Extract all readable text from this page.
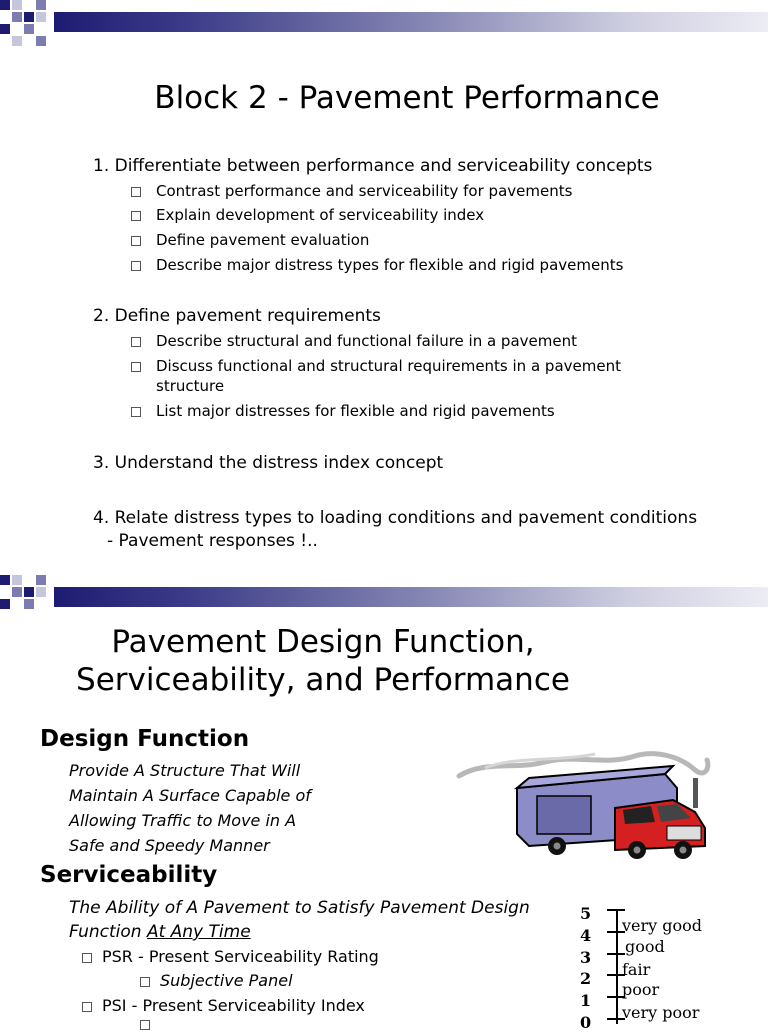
Block 2 - Pavement Performance
1. Differentiate between performance and serviceability concepts
Contrast performance and serviceability for pavements
Explain development of serviceability index
Define pavement evaluation
Describe major distress types for flexible and rigid pavements
2. Define pavement requirements
Describe structural and functional failure in a pavement
Discuss functional and structural requirements in a pavement
structure
List major distresses for flexible and rigid pavements
3. Understand the distress index concept
4. Relate distress types to loading conditions and pavement conditions
- Pavement responses !..
Pavement Design Function,
Serviceability, and Performance
Design Function
Provide A Structure That Will
Maintain A Surface Capable of
Allowing Traffic to Move in A
Safe and Speedy Manner
Serviceability
The Ability of A Pavement to Satisfy Pavement Design
Function At Any Time
PSR - Present Serviceability Rating
Subjective Panel
PSI - Present Serviceability Index
5
4
3
2
1
0
very good
good
fair
poor
very poor
